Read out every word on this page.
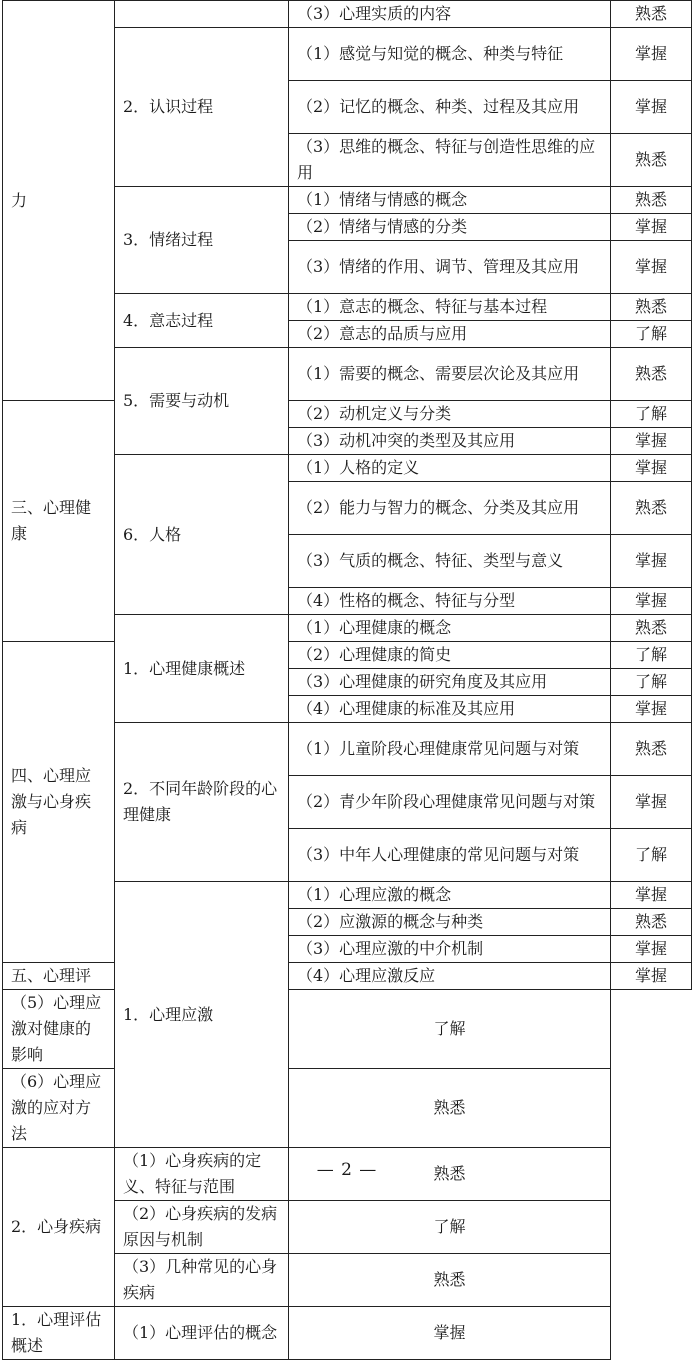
力		（3）心理实质的内容	熟悉
	2．认识过程	（1）感觉与知觉的概念、种类与特征	掌握
		（2）记忆的概念、种类、过程及其应用	掌握
		（3）思维的概念、特征与创造性思维的应用	熟悉
	3．情绪过程	（1）情绪与情感的概念	熟悉
		（2）情绪与情感的分类	掌握
		（3）情绪的作用、调节、管理及其应用	掌握
	4．意志过程	（1）意志的概念、特征与基本过程	熟悉
		（2）意志的品质与应用	了解
	5．需要与动机	（1）需要的概念、需要层次论及其应用	熟悉
三、心理健康		（2）动机定义与分类	了解
		（3）动机冲突的类型及其应用	掌握
	6．人格	（1）人格的定义	掌握
		（2）能力与智力的概念、分类及其应用	熟悉
		（3）气质的概念、特征、类型与意义	掌握
		（4）性格的概念、特征与分型	掌握
	1．心理健康概述	（1）心理健康的概念	熟悉
四、心理应激与心身疾病		（2）心理健康的简史	了解
		（3）心理健康的研究角度及其应用	了解
		（4）心理健康的标准及其应用	掌握
	2．不同年龄阶段的心理健康	（1）儿童阶段心理健康常见问题与对策	熟悉
		（2）青少年阶段心理健康常见问题与对策	掌握
		（3）中年人心理健康的常见问题与对策	了解
	1．心理应激	（1）心理应激的概念	掌握
		（2）应激源的概念与种类	熟悉
		（3）心理应激的中介机制	掌握
五、心理评		（4）心理应激反应	掌握
（5）心理应激对健康的影响		了解	
（6）心理应激的应对方法		熟悉	
2．心身疾病	（1）心身疾病的定义、特征与范围	熟悉	
	（2）心身疾病的发病原因与机制	了解	
	（3）几种常见的心身疾病	熟悉	
1．心理评估概述	（1）心理评估的概念	掌握	
— 2 —
